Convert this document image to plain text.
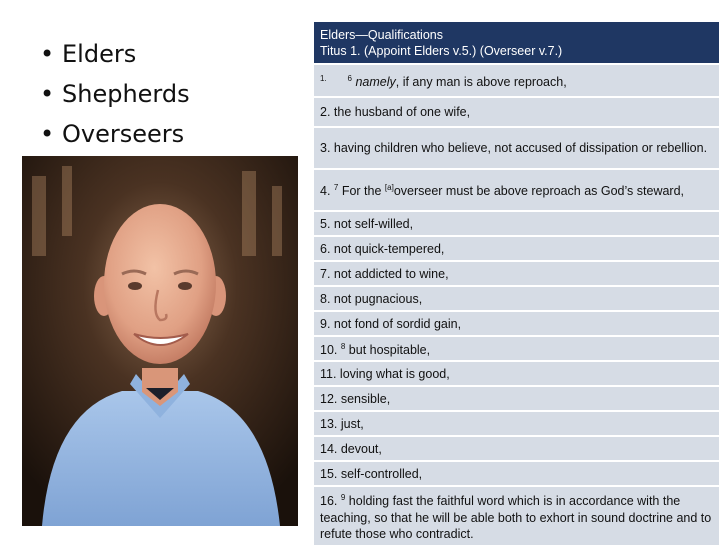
• Elders
• Shepherds
• Overseers
Elders—Qualifications
Titus 1. (Appoint Elders v.5.) (Overseer v.7.)
$^{1.}$	$^6$ namely, if any man is above reproach,
2. the husband of one wife,
3. having children who believe, not accused of dissipation or rebellion.
4. $^7$ For the [a]overseer must be above reproach as God’s steward,
5. not self-willed,
6. not quick-tempered,
7. not addicted to wine,
8. not pugnacious,
9. not fond of sordid gain,
10. $^8$ but hospitable,
11. loving what is good,
12. sensible,
13. just,
14. devout,
15. self-controlled,
16. $^9$ holding fast the faithful word which is in accordance with the teaching, so that he will be able both to exhort in sound doctrine and to refute those who contradict.
